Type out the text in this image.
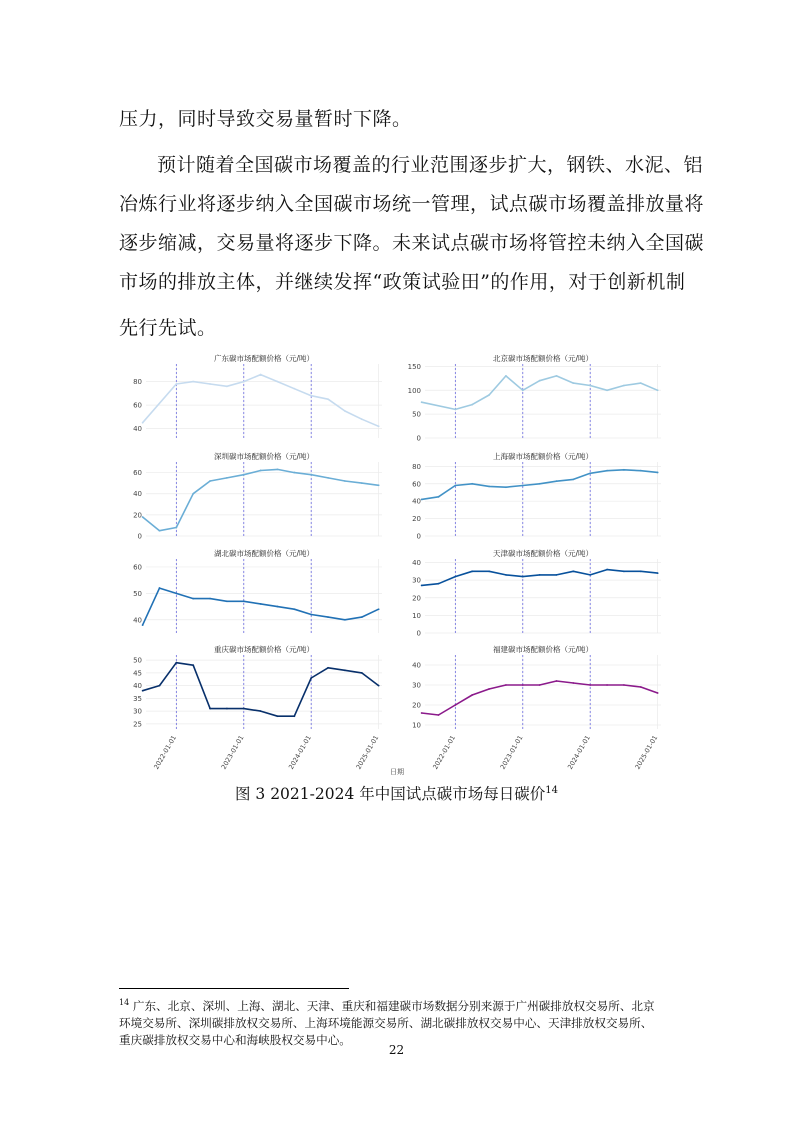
压力，同时导致交易量暂时下降。

预计随着全国碳市场覆盖的行业范围逐步扩大，钢铁、水泥、铝

冶炼行业将逐步纳入全国碳市场统一管理，试点碳市场覆盖排放量将

逐步缩减，交易量将逐步下降。未来试点碳市场将管控未纳入全国碳

市场的排放主体，并继续发挥“政策试验田”的作用，对于创新机制

先行先试。

广东碳市场配额价格（元/吨）
40
60
80
北京碳市场配额价格（元/吨）
0
50
100
150
深圳碳市场配额价格（元/吨）
0
20
40
60
上海碳市场配额价格（元/吨）
0
20
40
60
80
湖北碳市场配额价格（元/吨）
40
50
60
天津碳市场配额价格（元/吨）
0
10
20
30
40
重庆碳市场配额价格（元/吨）
25
30
35
40
45
50
福建碳市场配额价格（元/吨）
10
20
30
40
2022-01-01	2023-01-01	2024-01-01	2025-01-01	2022-01-01	2023-01-01	2024-01-01	2025-01-01
日期
图 3 2021-2024 年中国试点碳市场每日碳价$^{14}$
$^{14}$ 广东、北京、深圳、上海、湖北、天津、重庆和福建碳市场数据分别来源于广州碳排放权交易所、北京
环境交易所、深圳碳排放权交易所、上海环境能源交易所、湖北碳排放权交易中心、天津排放权交易所、
重庆碳排放权交易中心和海峡股权交易中心。
22
